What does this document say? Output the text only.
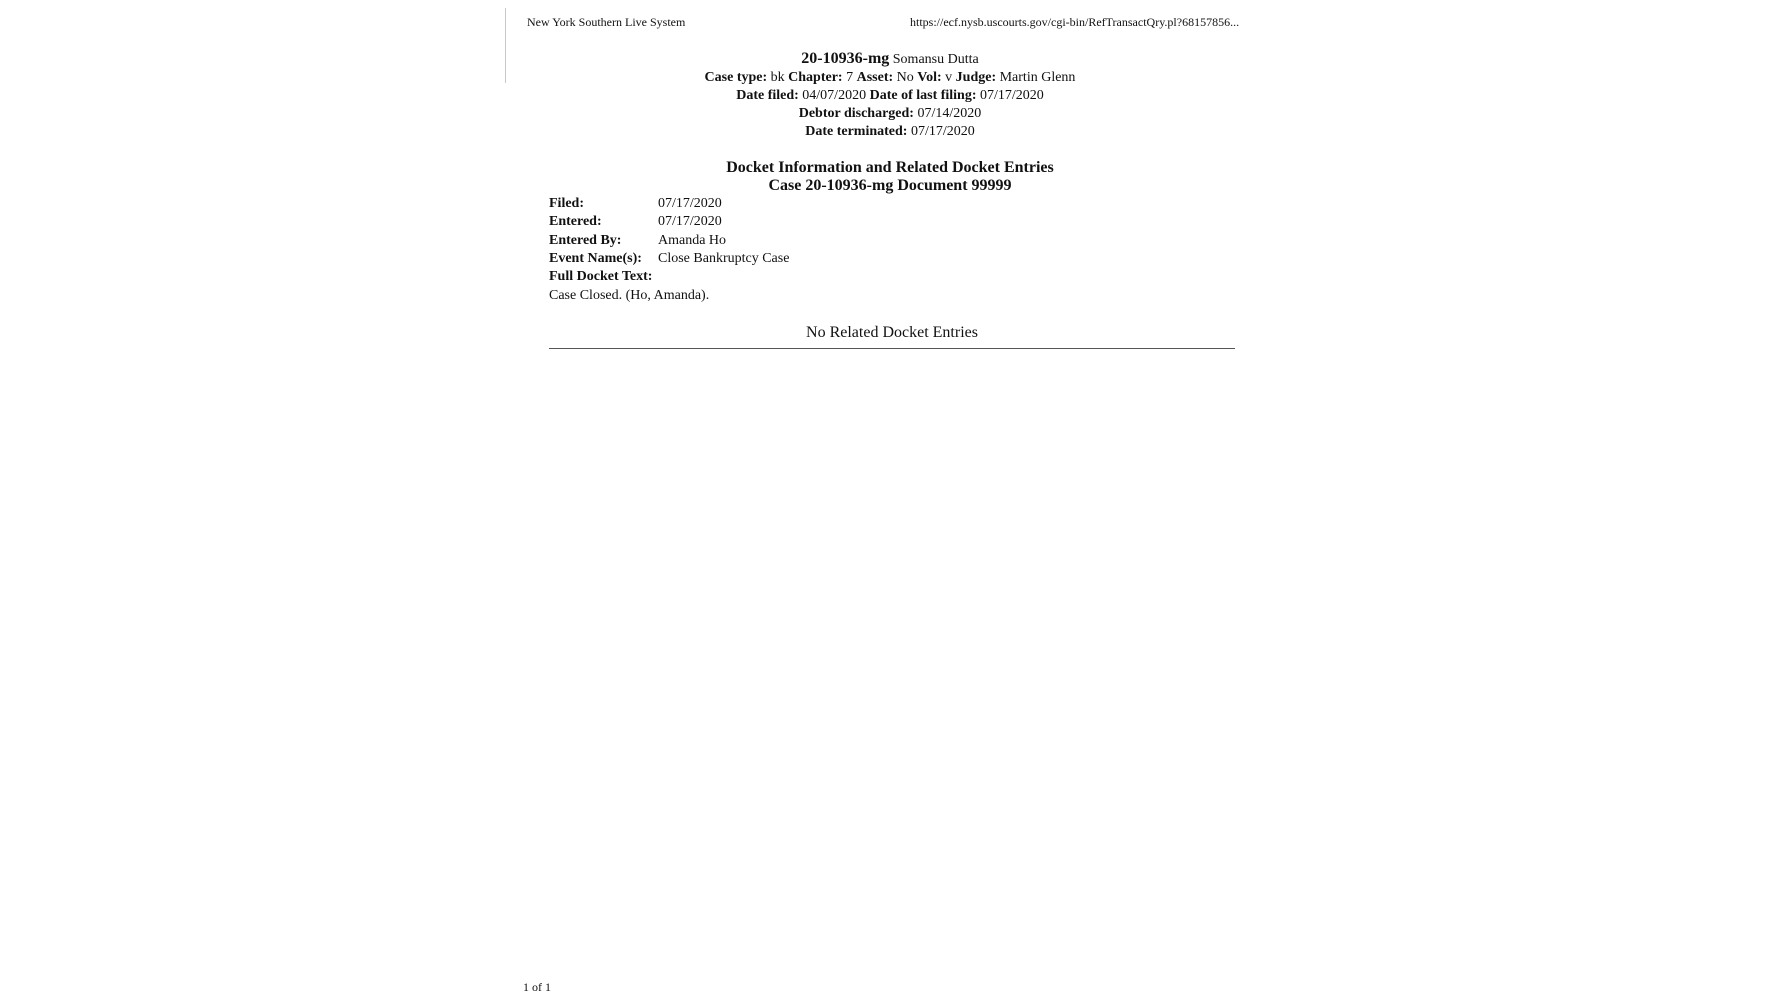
New York Southern Live System	https://ecf.nysb.uscourts.gov/cgi-bin/RefTransactQry.pl?68157856...
20-10936-mg Somansu Dutta
Case type: bk Chapter: 7 Asset: No Vol: v Judge: Martin Glenn
Date filed: 04/07/2020 Date of last filing: 07/17/2020
Debtor discharged: 07/14/2020
Date terminated: 07/17/2020
Docket Information and Related Docket Entries
Case 20-10936-mg Document 99999
Filed:	07/17/2020
Entered:	07/17/2020
Entered By:	Amanda Ho
Event Name(s):	Close Bankruptcy Case
Full Docket Text:
Case Closed. (Ho, Amanda).
No Related Docket Entries
1 of 1
